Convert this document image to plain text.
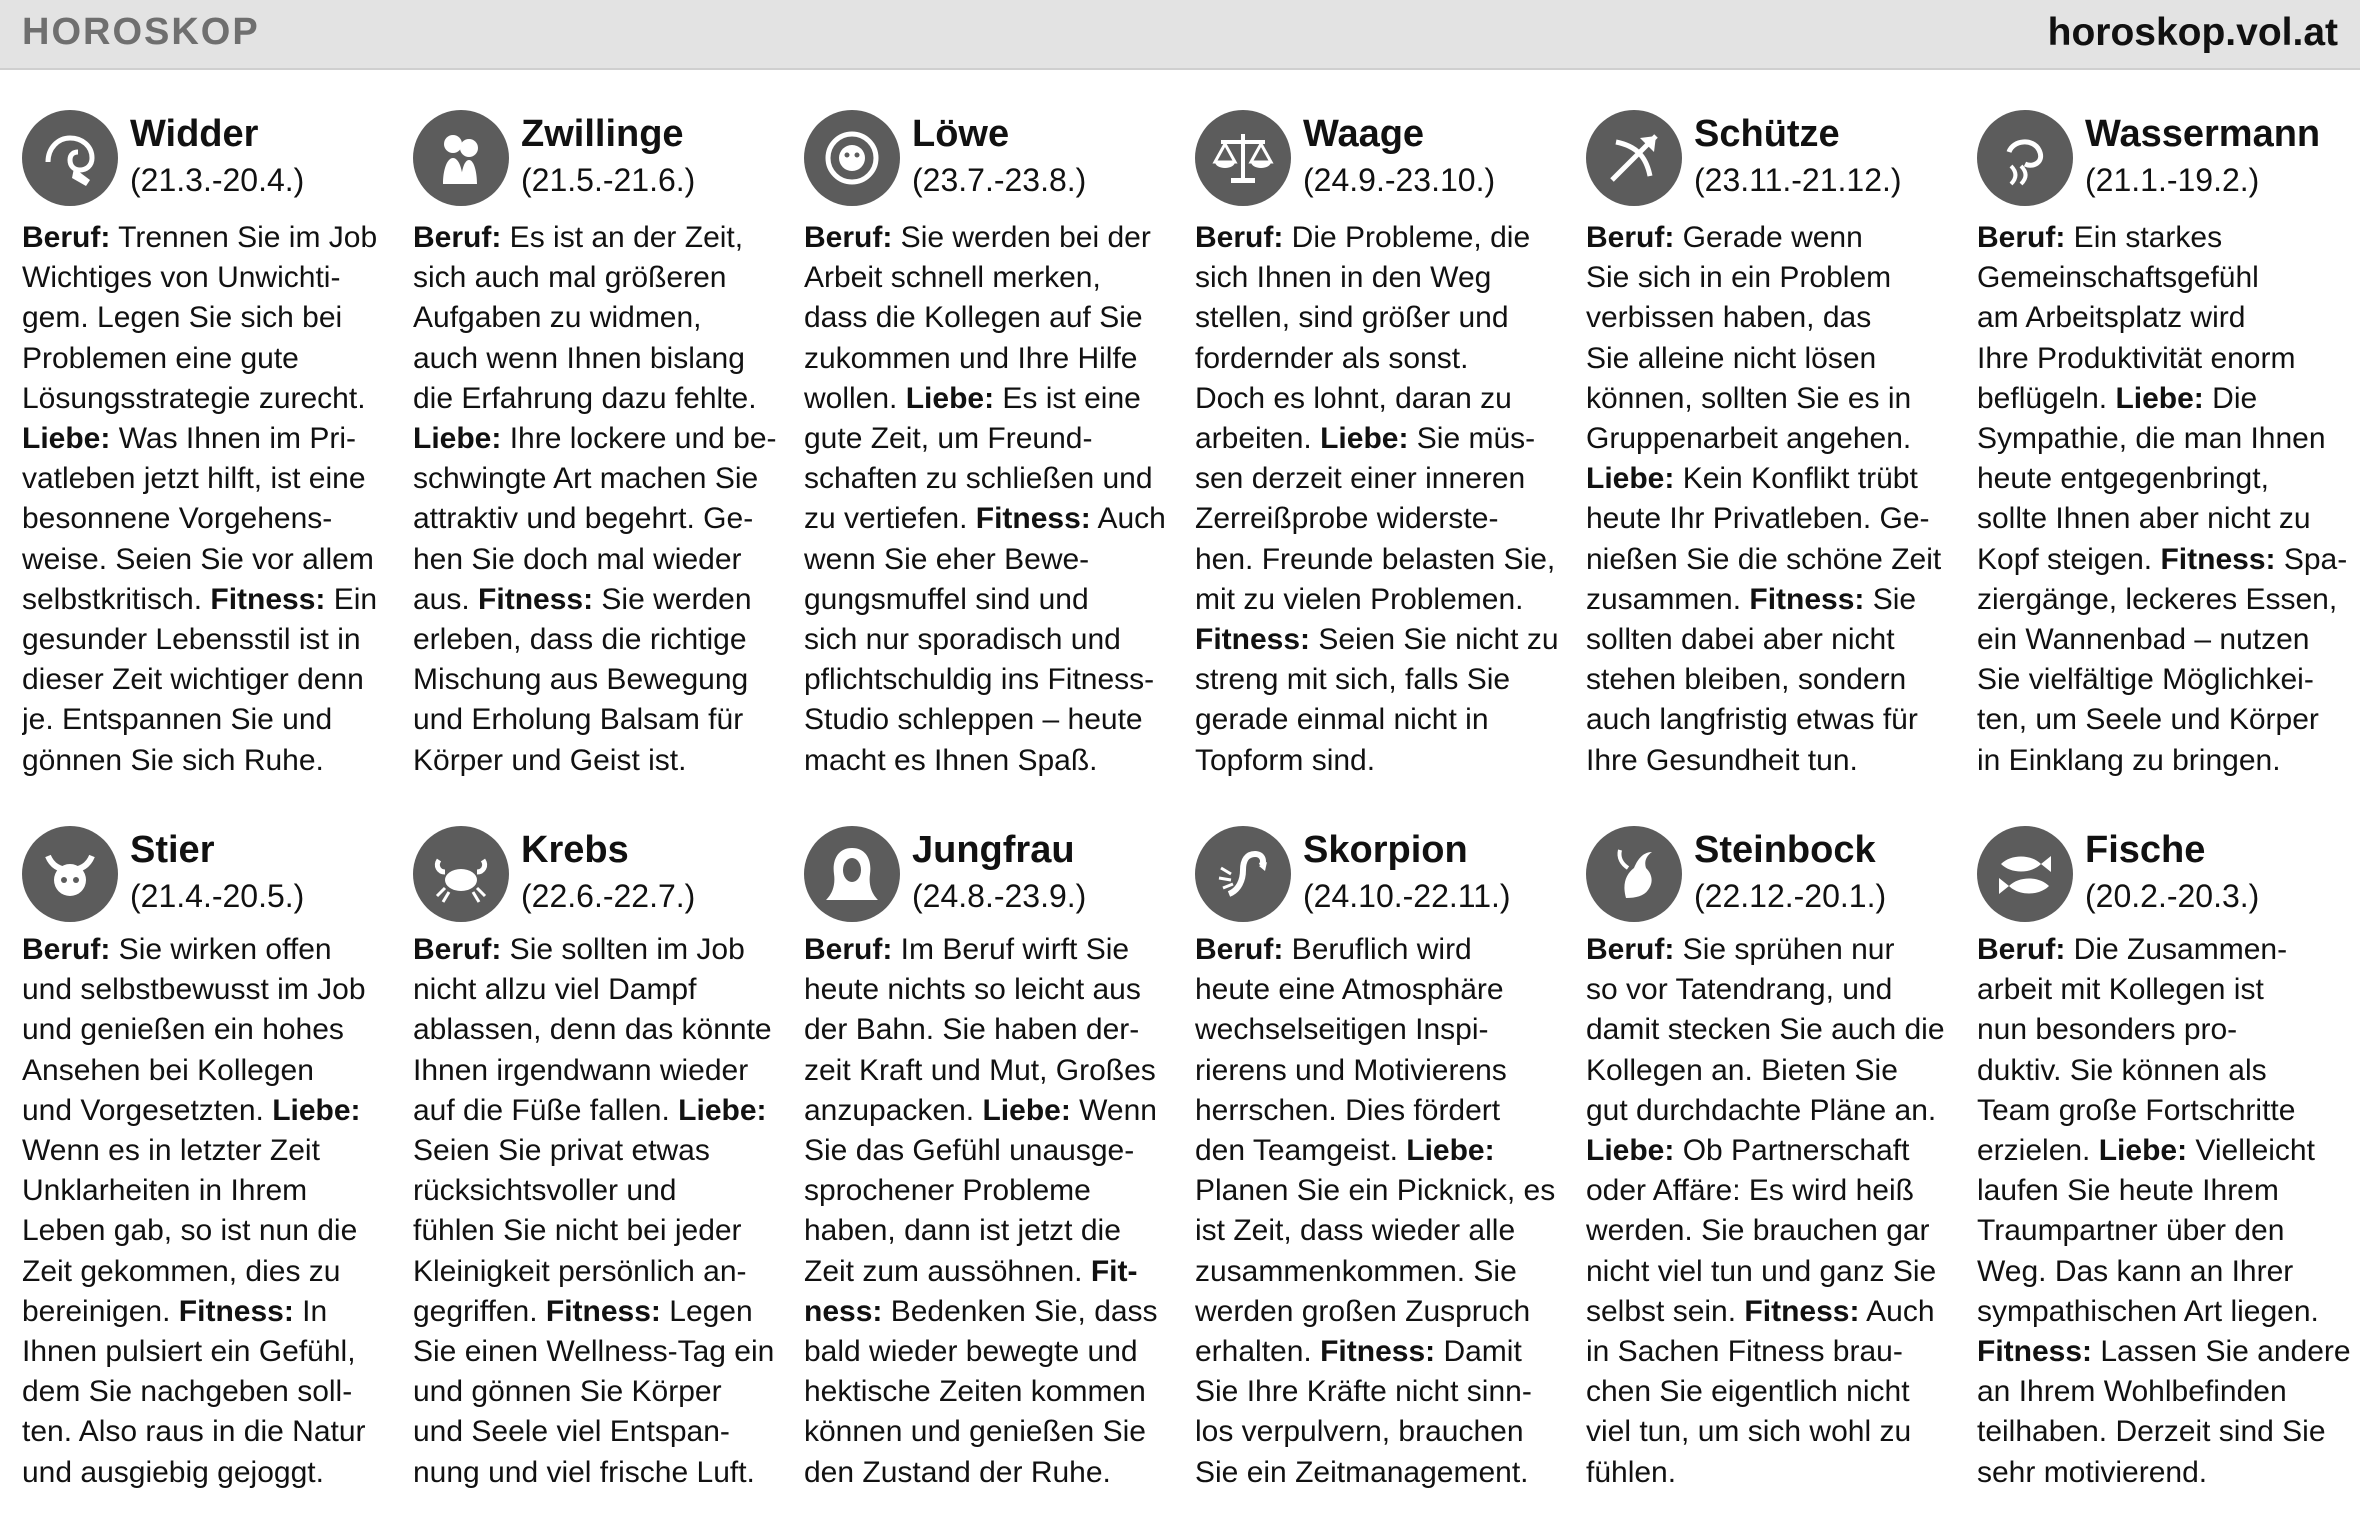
HOROSKOP	horoskop.vol.at
Widder
(21.3.-20.4.)
Beruf: Trennen Sie im Job
Wichtiges von Unwichti-
gem. Legen Sie sich bei
Problemen eine gute
Lösungsstrategie zurecht.
Liebe: Was Ihnen im Pri-
vatleben jetzt hilft, ist eine
besonnene Vorgehens-
weise. Seien Sie vor allem
selbstkritisch. Fitness: Ein
gesunder Lebensstil ist in
dieser Zeit wichtiger denn
je. Entspannen Sie und
gönnen Sie sich Ruhe.
Zwillinge
(21.5.-21.6.)
Beruf: Es ist an der Zeit,
sich auch mal größeren
Aufgaben zu widmen,
auch wenn Ihnen bislang
die Erfahrung dazu fehlte.
Liebe: Ihre lockere und be-
schwingte Art machen Sie
attraktiv und begehrt. Ge-
hen Sie doch mal wieder
aus. Fitness: Sie werden
erleben, dass die richtige
Mischung aus Bewegung
und Erholung Balsam für
Körper und Geist ist.
Löwe
(23.7.-23.8.)
Beruf: Sie werden bei der
Arbeit schnell merken,
dass die Kollegen auf Sie
zukommen und Ihre Hilfe
wollen. Liebe: Es ist eine
gute Zeit, um Freund-
schaften zu schließen und
zu vertiefen. Fitness: Auch
wenn Sie eher Bewe-
gungsmuffel sind und
sich nur sporadisch und
pflichtschuldig ins Fitness-
Studio schleppen – heute
macht es Ihnen Spaß.
Waage
(24.9.-23.10.)
Beruf: Die Probleme, die
sich Ihnen in den Weg
stellen, sind größer und
fordernder als sonst.
Doch es lohnt, daran zu
arbeiten. Liebe: Sie müs-
sen derzeit einer inneren
Zerreißprobe widerste-
hen. Freunde belasten Sie,
mit zu vielen Problemen.
Fitness: Seien Sie nicht zu
streng mit sich, falls Sie
gerade einmal nicht in
Topform sind.
Schütze
(23.11.-21.12.)
Beruf: Gerade wenn
Sie sich in ein Problem
verbissen haben, das
Sie alleine nicht lösen
können, sollten Sie es in
Gruppenarbeit angehen.
Liebe: Kein Konflikt trübt
heute Ihr Privatleben. Ge-
nießen Sie die schöne Zeit
zusammen. Fitness: Sie
sollten dabei aber nicht
stehen bleiben, sondern
auch langfristig etwas für
Ihre Gesundheit tun.
Wassermann
(21.1.-19.2.)
Beruf: Ein starkes
Gemeinschaftsgefühl
am Arbeitsplatz wird
Ihre Produktivität enorm
beflügeln. Liebe: Die
Sympathie, die man Ihnen
heute entgegenbringt,
sollte Ihnen aber nicht zu
Kopf steigen. Fitness: Spa-
ziergänge, leckeres Essen,
ein Wannenbad – nutzen
Sie vielfältige Möglichkei-
ten, um Seele und Körper
in Einklang zu bringen.
Stier
(21.4.-20.5.)
Beruf: Sie wirken offen
und selbstbewusst im Job
und genießen ein hohes
Ansehen bei Kollegen
und Vorgesetzten. Liebe:
Wenn es in letzter Zeit
Unklarheiten in Ihrem
Leben gab, so ist nun die
Zeit gekommen, dies zu
bereinigen. Fitness: In
Ihnen pulsiert ein Gefühl,
dem Sie nachgeben soll-
ten. Also raus in die Natur
und ausgiebig gejoggt.
Krebs
(22.6.-22.7.)
Beruf: Sie sollten im Job
nicht allzu viel Dampf
ablassen, denn das könnte
Ihnen irgendwann wieder
auf die Füße fallen. Liebe:
Seien Sie privat etwas
rücksichtsvoller und
fühlen Sie nicht bei jeder
Kleinigkeit persönlich an-
gegriffen. Fitness: Legen
Sie einen Wellness-Tag ein
und gönnen Sie Körper
und Seele viel Entspan-
nung und viel frische Luft.
Jungfrau
(24.8.-23.9.)
Beruf: Im Beruf wirft Sie
heute nichts so leicht aus
der Bahn. Sie haben der-
zeit Kraft und Mut, Großes
anzupacken. Liebe: Wenn
Sie das Gefühl unausge-
sprochener Probleme
haben, dann ist jetzt die
Zeit zum aussöhnen. Fit-
ness: Bedenken Sie, dass
bald wieder bewegte und
hektische Zeiten kommen
können und genießen Sie
den Zustand der Ruhe.
Skorpion
(24.10.-22.11.)
Beruf: Beruflich wird
heute eine Atmosphäre
wechselseitigen Inspi-
rierens und Motivierens
herrschen. Dies fördert
den Teamgeist. Liebe:
Planen Sie ein Picknick, es
ist Zeit, dass wieder alle
zusammenkommen. Sie
werden großen Zuspruch
erhalten. Fitness: Damit
Sie Ihre Kräfte nicht sinn-
los verpulvern, brauchen
Sie ein Zeitmanagement.
Steinbock
(22.12.-20.1.)
Beruf: Sie sprühen nur
so vor Tatendrang, und
damit stecken Sie auch die
Kollegen an. Bieten Sie
gut durchdachte Pläne an.
Liebe: Ob Partnerschaft
oder Affäre: Es wird heiß
werden. Sie brauchen gar
nicht viel tun und ganz Sie
selbst sein. Fitness: Auch
in Sachen Fitness brau-
chen Sie eigentlich nicht
viel tun, um sich wohl zu
fühlen.
Fische
(20.2.-20.3.)
Beruf: Die Zusammen-
arbeit mit Kollegen ist
nun besonders pro-
duktiv. Sie können als
Team große Fortschritte
erzielen. Liebe: Vielleicht
laufen Sie heute Ihrem
Traumpartner über den
Weg. Das kann an Ihrer
sympathischen Art liegen.
Fitness: Lassen Sie andere
an Ihrem Wohlbefinden
teilhaben. Derzeit sind Sie
sehr motivierend.
